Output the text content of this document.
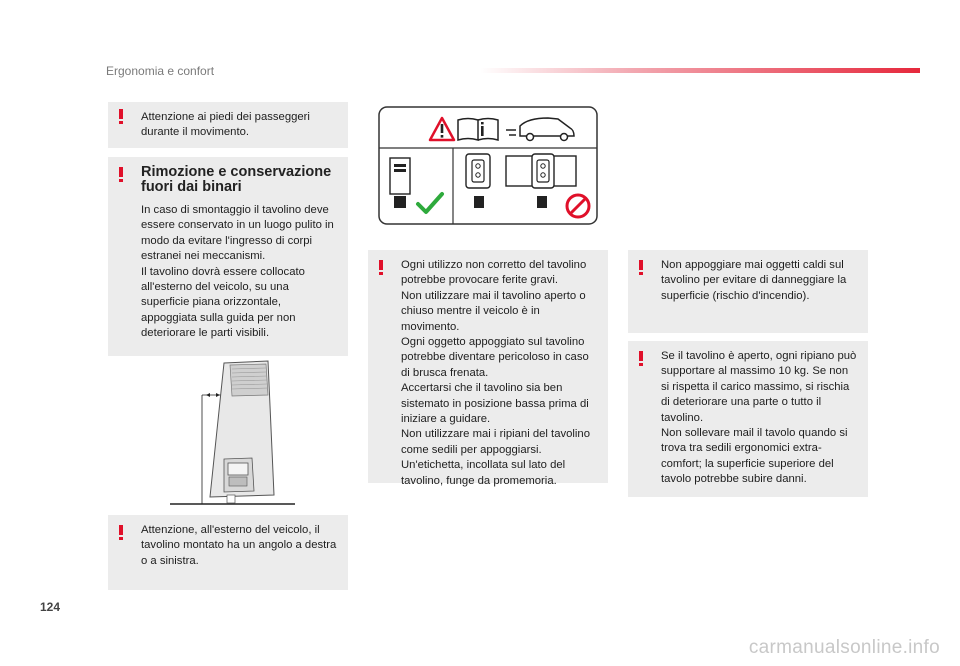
Ergonomia e confort

Attenzione ai piedi dei passeggeri durante il movimento.

Rimozione e conservazione fuori dai binari

In caso di smontaggio il tavolino deve essere conservato in un luogo pulito in modo da evitare l'ingresso di corpi estranei nei meccanismi.
Il tavolino dovrà essere collocato all'esterno del veicolo, su una superficie piana orizzontale, appoggiata sulla guida per non deteriorare le parti visibili.

Attenzione, all'esterno del veicolo, il tavolino montato ha un angolo a destra o a sinistra.

Ogni utilizzo non corretto del tavolino potrebbe provocare ferite gravi.
Non utilizzare mai il tavolino aperto o chiuso mentre il veicolo è in movimento.
Ogni oggetto appoggiato sul tavolino potrebbe diventare pericoloso in caso di brusca frenata.
Accertarsi che il tavolino sia ben sistemato in posizione bassa prima di iniziare a guidare.
Non utilizzare mai i ripiani del tavolino come sedili per appoggiarsi.
Un'etichetta, incollata sul lato del tavolino, funge da promemoria.

Non appoggiare mai oggetti caldi sul tavolino per evitare di danneggiare la superficie (rischio d'incendio).

Se il tavolino è aperto, ogni ripiano può supportare al massimo 10 kg. Se non si rispetta il carico massimo, si rischia di deteriorare una parte o tutto il tavolino.
Non sollevare mail il tavolo quando si trova tra sedili ergonomici extra-comfort; la superficie superiore del tavolo potrebbe subire danni.

124
carmanualsonline.info
